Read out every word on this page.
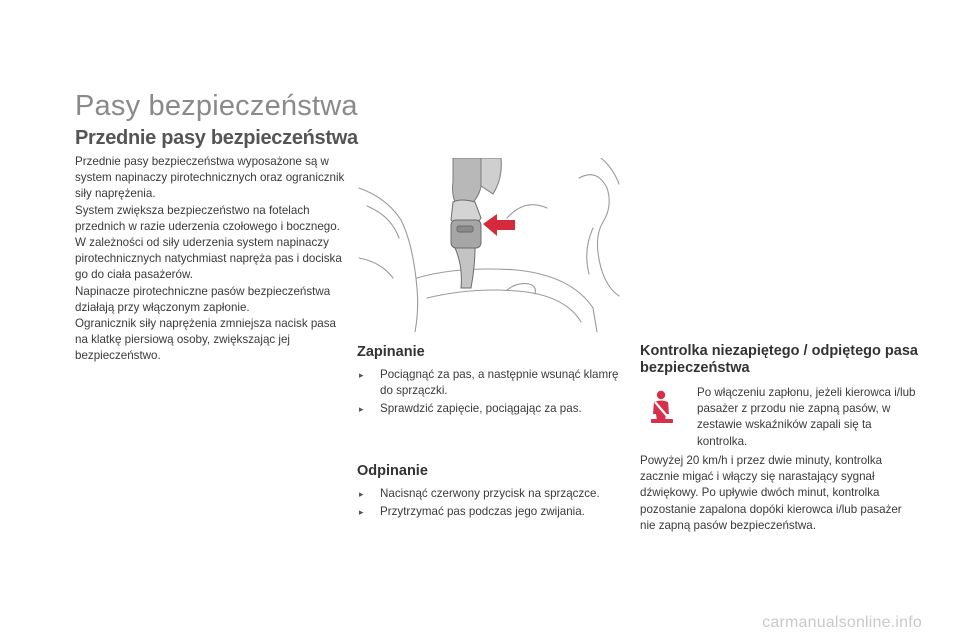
Pasy bezpieczeństwa
Przednie pasy bezpieczeństwa

Przednie pasy bezpieczeństwa wyposażone są w system napinaczy pirotechnicznych oraz ogranicznik siły naprężenia.

System zwiększa bezpieczeństwo na fotelach przednich w razie uderzenia czołowego i bocznego. W zależności od siły uderzenia system napinaczy pirotechnicznych natychmiast napręża pas i dociska go do ciała pasażerów.

Napinacze pirotechniczne pasów bezpieczeństwa działają przy włączonym zapłonie.

Ogranicznik siły naprężenia zmniejsza nacisk pasa na klatkę piersiową osoby, zwiększając jej bezpieczeństwo.	Zapinanie
▸ Pociągnąć za pas, a następnie wsunąć klamrę do sprzączki.
▸ Sprawdzić zapięcie, pociągając za pas.
Odpinanie
▸ Nacisnąć czerwony przycisk na sprzączce.
▸ Przytrzymać pas podczas jego zwijania.
Kontrolka niezapiętego / odpiętego pasa bezpieczeństwa
Po włączeniu zapłonu, jeżeli kierowca i/lub pasażer z przodu nie zapną pasów, w zestawie wskaźników zapali się ta kontrolka.
Powyżej 20 km/h i przez dwie minuty, kontrolka zacznie migać i włączy się narastający sygnał dźwiękowy. Po upływie dwóch minut, kontrolka pozostanie zapalona dopóki kierowca i/lub pasażer nie zapną pasów bezpieczeństwa.
carmanualsonline.info
